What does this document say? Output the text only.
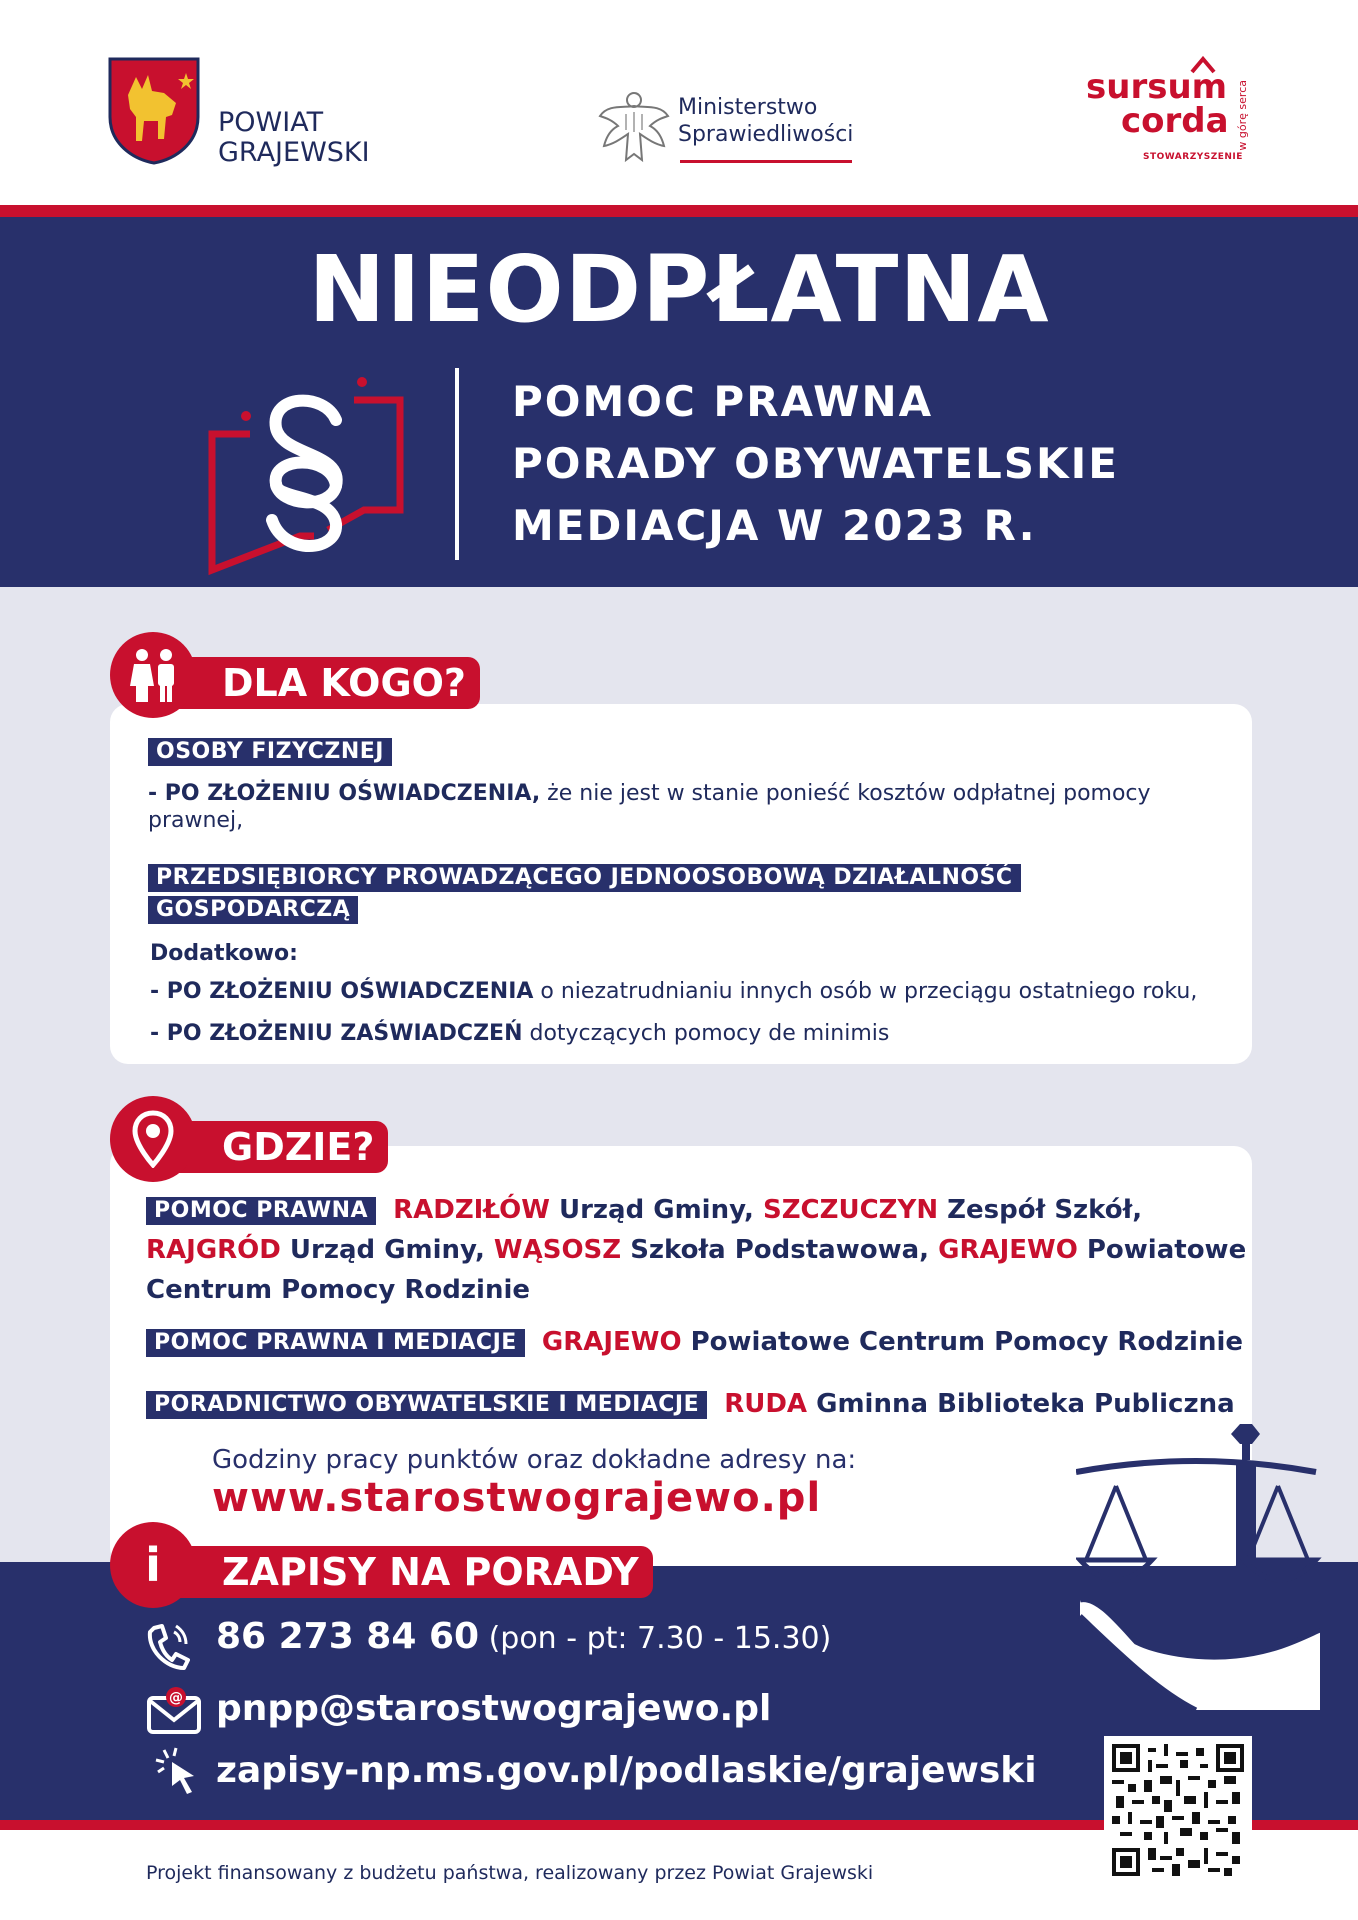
POWIAT
GRAJEWSKI
Ministerstwo
Sprawiedliwości
sursum
corda
STOWARZYSZENIE
w górę serca
NIEODPŁATNA
POMOC PRAWNA
PORADY OBYWATELSKIE
MEDIACJA W 2023 R.
DLA KOGO?
OSOBY FIZYCZNEJ
- PO ZŁOŻENIU OŚWIADCZENIA, że nie jest w stanie ponieść kosztów odpłatnej pomocy prawnej,
PRZEDSIĘBIORCY PROWADZĄCEGO JEDNOOSOBOWĄ DZIAŁALNOŚĆ
GOSPODARCZĄ
Dodatkowo:
- PO ZŁOŻENIU OŚWIADCZENIA o niezatrudnianiu innych osób w przeciągu ostatniego roku,
- PO ZŁOŻENIU ZAŚWIADCZEŃ dotyczących pomocy de minimis
GDZIE?
POMOC PRAWNA RADZIŁÓW Urząd Gminy, SZCZUCZYN Zespół Szkół,
RAJGRÓD Urząd Gminy, WĄSOSZ Szkoła Podstawowa, GRAJEWO Powiatowe
Centrum Pomocy Rodzinie
POMOC PRAWNA I MEDIACJE GRAJEWO Powiatowe Centrum Pomocy Rodzinie
PORADNICTWO OBYWATELSKIE I MEDIACJE RUDA Gminna Biblioteka Publiczna
Godziny pracy punktów oraz dokładne adresy na:
www.starostwograjewo.pl
ZAPISY NA PORADY
i
86 273 84 60 (pon - pt: 7.30 - 15.30)
@ pnpp@starostwograjewo.pl
zapisy-np.ms.gov.pl/podlaskie/grajewski
Projekt finansowany z budżetu państwa, realizowany przez Powiat Grajewski
